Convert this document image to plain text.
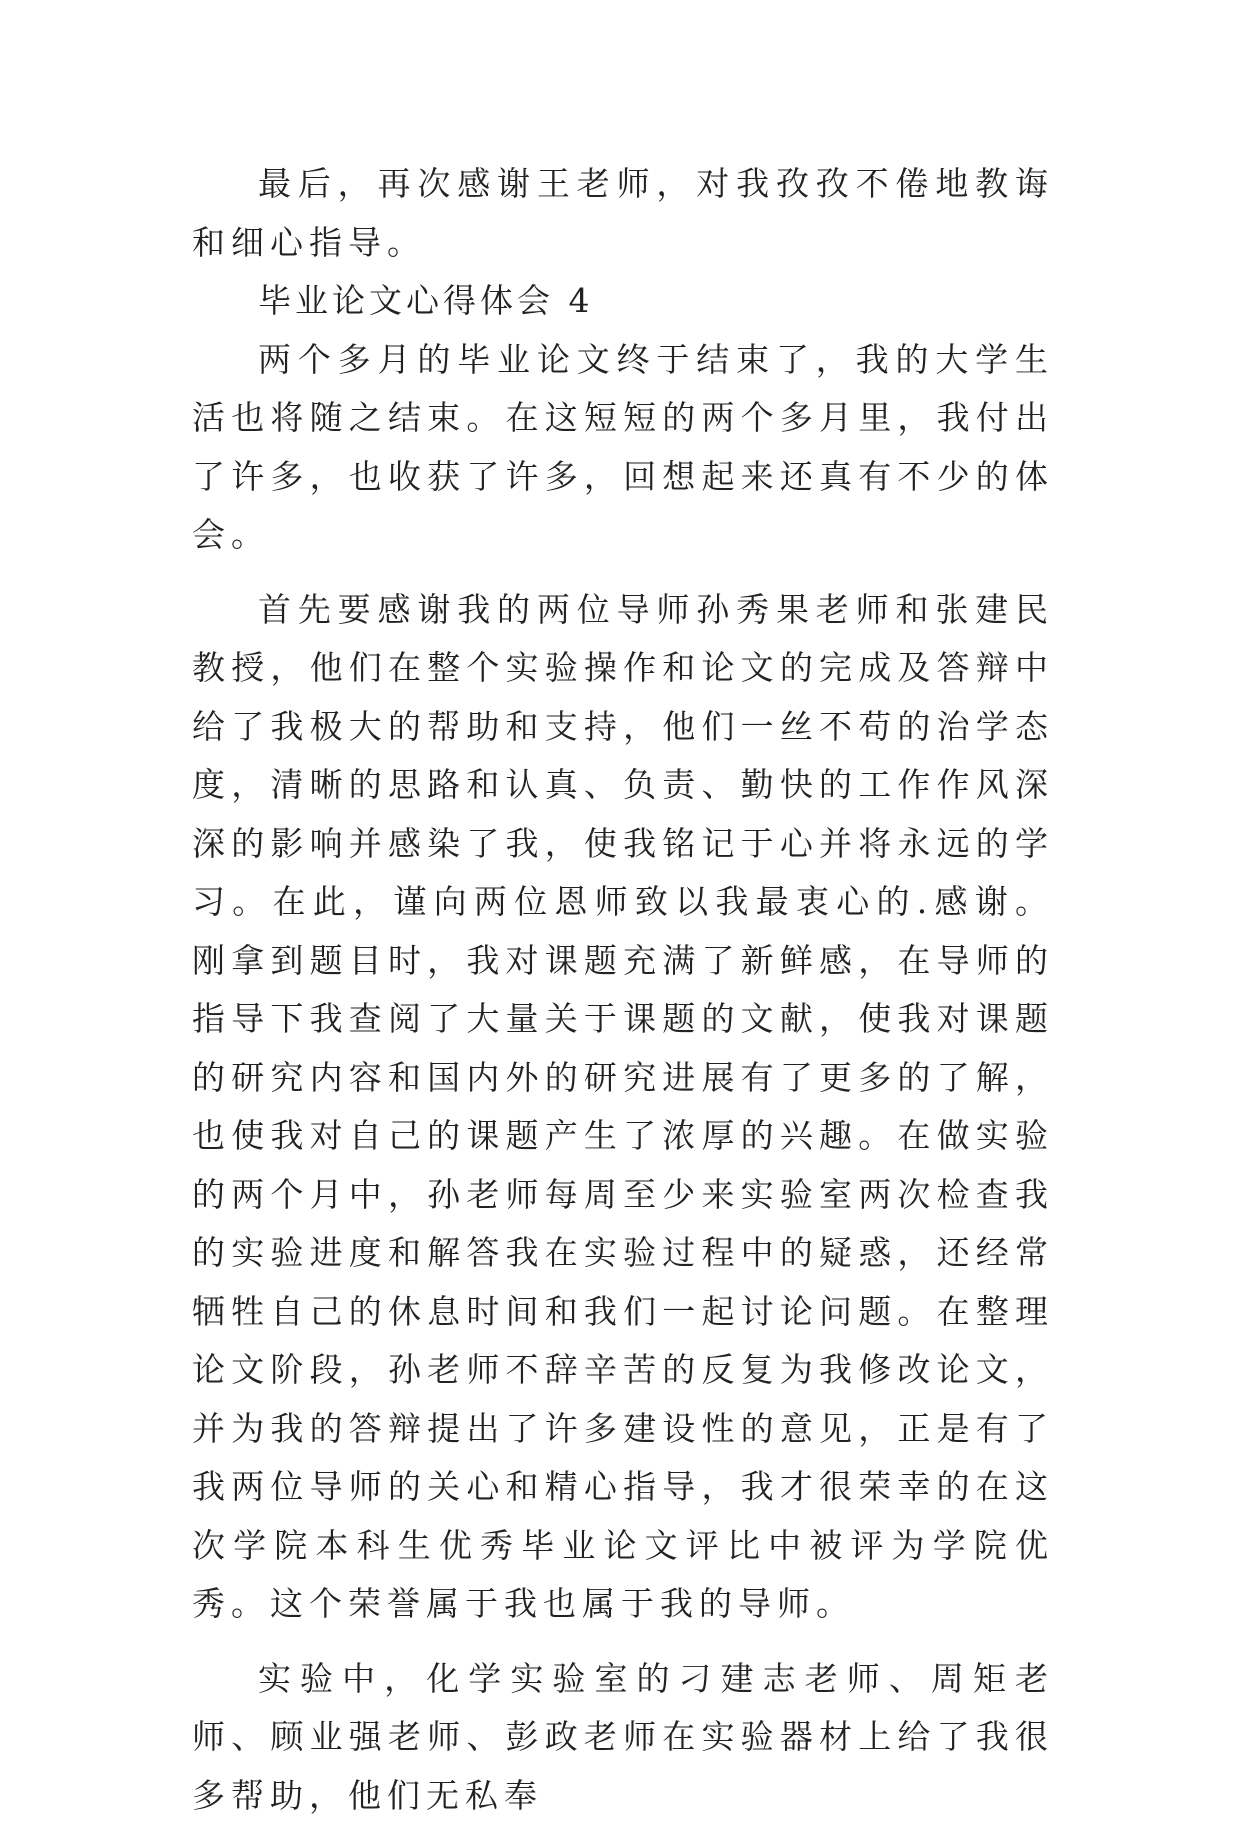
最后，再次感谢王老师，对我孜孜不倦地教诲和细心指导。

毕业论文心得体会 4

两个多月的毕业论文终于结束了，我的大学生活也将随之结束。在这短短的两个多月里，我付出了许多，也收获了许多，回想起来还真有不少的体会。

首先要感谢我的两位导师孙秀果老师和张建民教授，他们在整个实验操作和论文的完成及答辩中给了我极大的帮助和支持，他们一丝不苟的治学态度，清晰的思路和认真、负责、勤快的工作作风深深的影响并感染了我，使我铭记于心并将永远的学习。在此，谨向两位恩师致以我最衷心的.感谢。刚拿到题目时，我对课题充满了新鲜感，在导师的指导下我查阅了大量关于课题的文献，使我对课题的研究内容和国内外的研究进展有了更多的了解，也使我对自己的课题产生了浓厚的兴趣。在做实验的两个月中，孙老师每周至少来实验室两次检查我的实验进度和解答我在实验过程中的疑惑，还经常牺牲自己的休息时间和我们一起讨论问题。在整理论文阶段，孙老师不辞辛苦的反复为我修改论文，并为我的答辩提出了许多建设性的意见，正是有了我两位导师的关心和精心指导，我才很荣幸的在这次学院本科生优秀毕业论文评比中被评为学院优秀。这个荣誉属于我也属于我的导师。

实验中，化学实验室的刁建志老师、周矩老师、顾业强老师、彭政老师在实验器材上给了我很多帮助，他们无私奉
